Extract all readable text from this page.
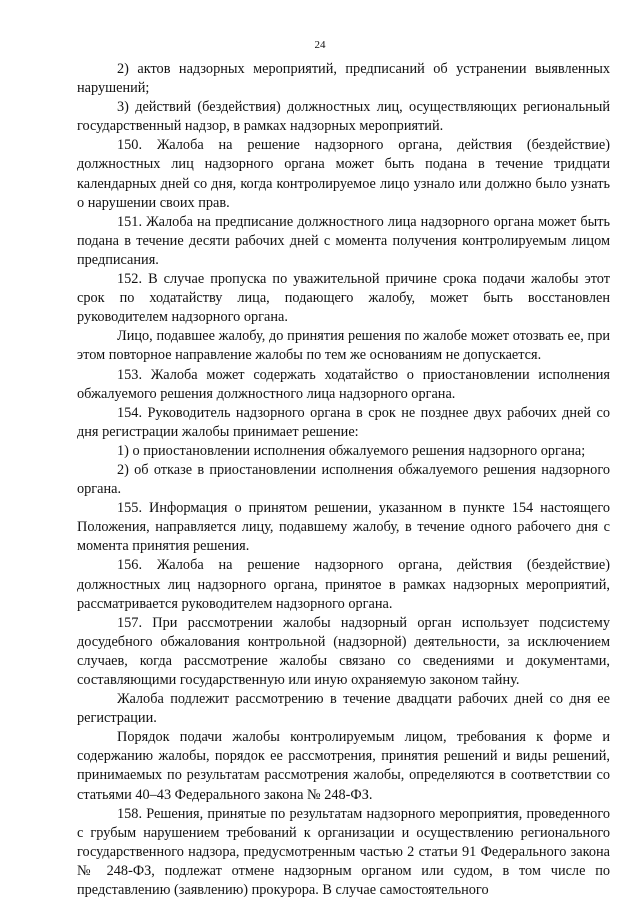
24

2) актов надзорных мероприятий, предписаний об устранении выявленных нарушений;

3) действий (бездействия) должностных лиц, осуществляющих региональный государственный надзор, в рамках надзорных мероприятий.

150. Жалоба на решение надзорного органа, действия (бездействие) должностных лиц надзорного органа может быть подана в течение тридцати календарных дней со дня, когда контролируемое лицо узнало или должно было узнать о нарушении своих прав.

151. Жалоба на предписание должностного лица надзорного органа может быть подана в течение десяти рабочих дней с момента получения контролируемым лицом предписания.

152. В случае пропуска по уважительной причине срока подачи жалобы этот срок по ходатайству лица, подающего жалобу, может быть восстановлен руководителем надзорного органа.

Лицо, подавшее жалобу, до принятия решения по жалобе может отозвать ее, при этом повторное направление жалобы по тем же основаниям не допускается.

153. Жалоба может содержать ходатайство о приостановлении исполнения обжалуемого решения должностного лица надзорного органа.

154. Руководитель надзорного органа в срок не позднее двух рабочих дней со дня регистрации жалобы принимает решение:

1) о приостановлении исполнения обжалуемого решения надзорного органа;

2) об отказе в приостановлении исполнения обжалуемого решения надзорного органа.

155. Информация о принятом решении, указанном в пункте 154 настоящего Положения, направляется лицу, подавшему жалобу, в течение одного рабочего дня с момента принятия решения.

156. Жалоба на решение надзорного органа, действия (бездействие) должностных лиц надзорного органа, принятое в рамках надзорных мероприятий, рассматривается руководителем надзорного органа.

157. При рассмотрении жалобы надзорный орган использует подсистему досудебного обжалования контрольной (надзорной) деятельности, за исключением случаев, когда рассмотрение жалобы связано со сведениями и документами, составляющими государственную или иную охраняемую законом тайну.

Жалоба подлежит рассмотрению в течение двадцати рабочих дней со дня ее регистрации.

Порядок подачи жалобы контролируемым лицом, требования к форме и содержанию жалобы, порядок ее рассмотрения, принятия решений и виды решений, принимаемых по результатам рассмотрения жалобы, определяются в соответствии со статьями 40–43 Федерального закона № 248-ФЗ.

158. Решения, принятые по результатам надзорного мероприятия, проведенного с грубым нарушением требований к организации и осуществлению регионального государственного надзора, предусмотренным частью 2 статьи 91 Федерального закона № 248-ФЗ, подлежат отмене надзорным органом или судом, в том числе по представлению (заявлению) прокурора. В случае самостоятельного
